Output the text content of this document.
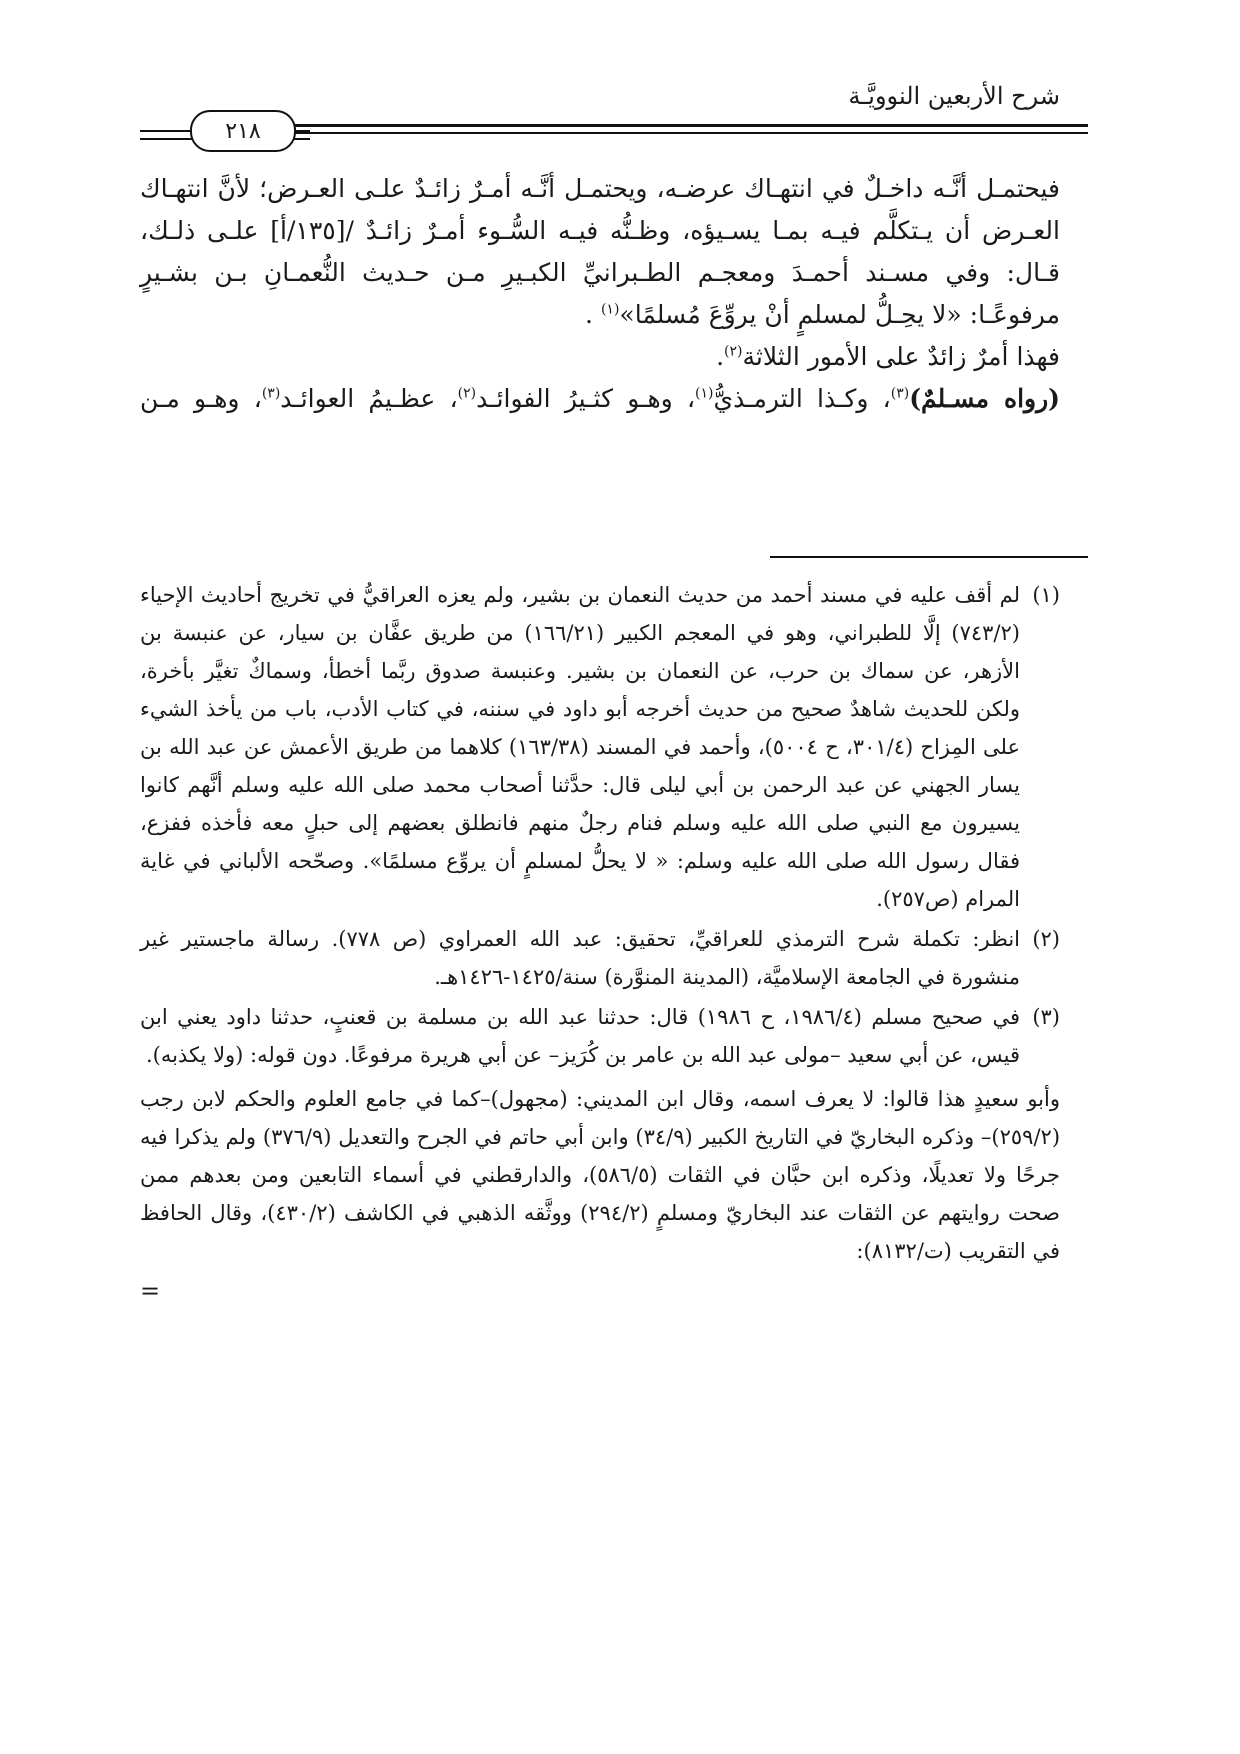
شرح الأربعين النوويَّـة
٢١٨

فيحتمـل أنَّـه داخـلٌ في انتهـاك عرضـه، ويحتمـل أنَّـه أمـرٌ زائـدٌ علـى العـرض؛ لأنَّ انتهـاك العـرض أن يـتكلَّم فيـه بمـا يسـيؤه، وظـنُّه فيـه السُّـوء أمـرٌ زائـدٌ /[١٣٥/أ] علـى ذلـك، قـال: وفي مسـند أحمـدَ ومعجـم الطـبرانيِّ الكبـيرِ مـن حـديث النُّعمـانِ بـن بشـيرٍ مرفوعًـا: «لا يحِـلُّ لمسلمٍ أنْ يروِّعَ مُسلمًا»$^{(١)}$ .

فهذا أمرٌ زائدٌ على الأمور الثلاثة$^{(٢)}$.

(رواه مسـلمٌ)$^{(٣)}$، وكـذا الترمـذيُّ$^{(١)}$، وهـو كثـيرُ الفوائـد$^{(٢)}$، عظـيمُ العوائـد$^{(٣)}$، وهـو مـن

(١)
لم أقف عليه في مسند أحمد من حديث النعمان بن بشير، ولم يعزه العراقيُّ في تخريج أحاديث الإحياء (٧٤٣/٢) إلَّا للطبراني، وهو في المعجم الكبير (١٦٦/٢١) من طريق عفَّان بن سيار، عن عنبسة بن الأزهر، عن سماك بن حرب، عن النعمان بن بشير. وعنبسة صدوق ربَّما أخطأ، وسماكٌ تغيَّر بأخرة، ولكن للحديث شاهدٌ صحيح من حديث أخرجه أبو داود في سننه، في كتاب الأدب، باب من يأخذ الشيء على المِزاح (٣٠١/٤، ح ٥٠٠٤)، وأحمد في المسند (١٦٣/٣٨) كلاهما من طريق الأعمش عن عبد الله بن يسار الجهني عن عبد الرحمن بن أبي ليلى قال: حدَّثنا أصحاب محمد صلى الله عليه وسلم أنَّهم كانوا يسيرون مع النبي صلى الله عليه وسلم فنام رجلٌ منهم فانطلق بعضهم إلى حبلٍ معه فأخذه ففزع، فقال رسول الله صلى الله عليه وسلم: « لا يحلُّ لمسلمٍ أن يروِّع مسلمًا». وصحّحه الألباني في غاية المرام (ص٢٥٧).
(٢)
انظر: تكملة شرح الترمذي للعراقيِّ، تحقيق: عبد الله العمراوي (ص ٧٧٨). رسالة ماجستير غير منشورة في الجامعة الإسلاميَّة، (المدينة المنوَّرة) سنة/١٤٢٥-١٤٢٦هـ.
(٣)
في صحيح مسلم (١٩٨٦/٤، ح ١٩٨٦) قال: حدثنا عبد الله بن مسلمة بن قعنبٍ، حدثنا داود يعني ابن قيس، عن أبي سعيد –مولى عبد الله بن عامر بن كُرَيز– عن أبي هريرة مرفوعًا. دون قوله: (ولا يكذبه).

وأبو سعيدٍ هذا قالوا: لا يعرف اسمه، وقال ابن المديني: (مجهول)–كما في جامع العلوم والحكم لابن رجب (٢٥٩/٢)– وذكره البخاريّ في التاريخ الكبير (٣٤/٩) وابن أبي حاتم في الجرح والتعديل (٣٧٦/٩) ولم يذكرا فيه جرحًا ولا تعديلًا، وذكره ابن حبَّان في الثقات (٥٨٦/٥)، والدارقطني في أسماء التابعين ومن بعدهم ممن صحت روايتهم عن الثقات عند البخاريّ ومسلمٍ (٢٩٤/٢) ووثَّقه الذهبي في الكاشف (٤٣٠/٢)، وقال الحافظ في التقريب (ت/٨١٣٢):

=
